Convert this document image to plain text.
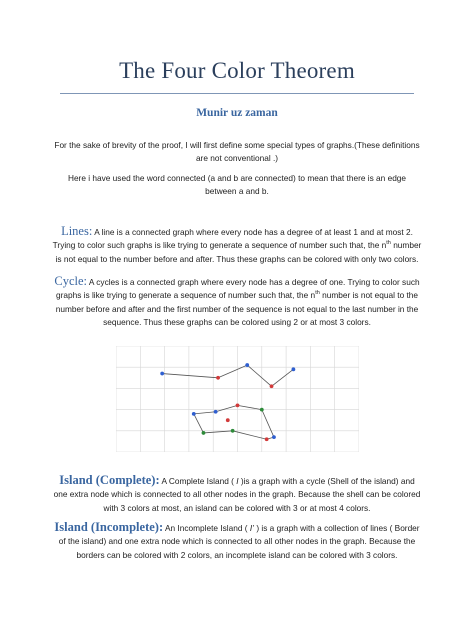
The Four Color Theorem
Munir uz zaman
For the sake of brevity of the proof, I will first define some special types of graphs.(These definitions are not conventional .)
Here i have used the word connected (a and b are connected) to mean that there is an edge between a and b.
Lines: A line is a connected graph where every node has a degree of at least 1 and at most 2. Trying to color such graphs is like trying to generate a sequence of number such that, the $n^{th}$ number is not equal to the number before and after. Thus these graphs can be colored with only two colors.
Cycle: A cycles is a connected graph where every node has a degree of one. Trying to color such graphs is like trying to generate a sequence of number such that, the $n^{th}$ number is not equal to the number before and after and the first number of the sequence is not equal to the last number in the sequence. Thus these graphs can be colored using 2 or at most 3 colors.
Island (Complete): A Complete Island ( I )is a graph with a cycle (Shell of the island) and one extra node which is connected to all other nodes in the graph. Because the shell can be colored with 3 colors at most, an island can be colored with 3 or at most 4 colors.
Island (Incomplete): An Incomplete Island ( I’ ) is a graph with a collection of lines ( Border of the island) and one extra node which is connected to all other nodes in the graph. Because the borders can be colored with 2 colors, an incomplete island can be colored with 3 colors.
